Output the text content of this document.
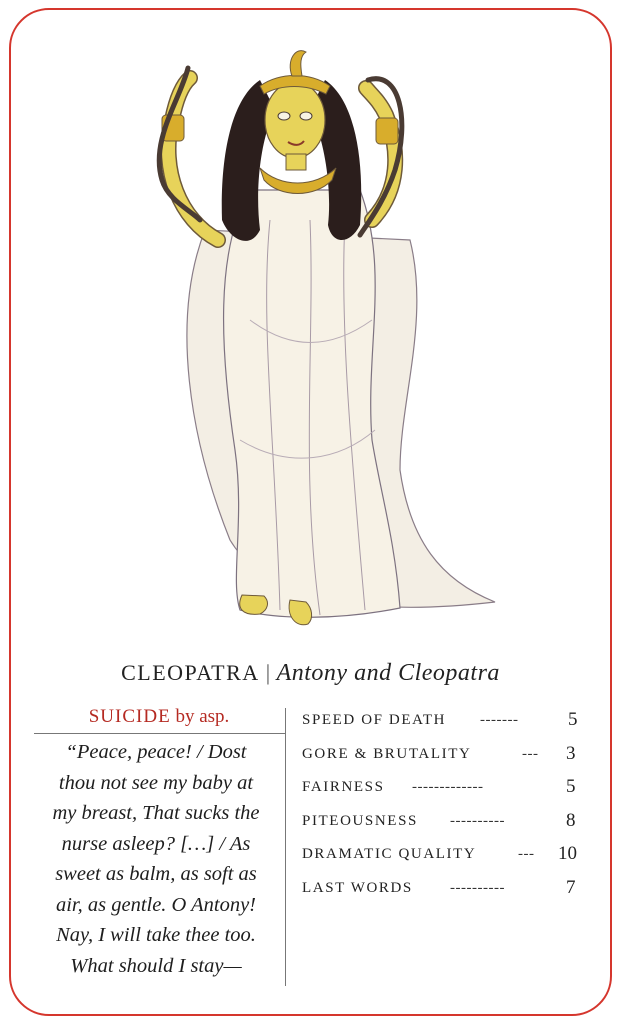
CLEOPATRA | Antony and Cleopatra
SUICIDE by asp.
“Peace, peace! / Dost
thou not see my baby at
my breast, That sucks the
nurse asleep? […] / As
sweet as balm, as soft as
air, as gentle. O Antony!
Nay, I will take thee too.
What should I stay—
SPEED OF DEATH -------	5
GORE & BRUTALITY	--- 3
FAIRNESS -------------	5
PITEOUSNESS ----------	8
DRAMATIC QUALITY	--- 10
LAST WORDS ----------	7
